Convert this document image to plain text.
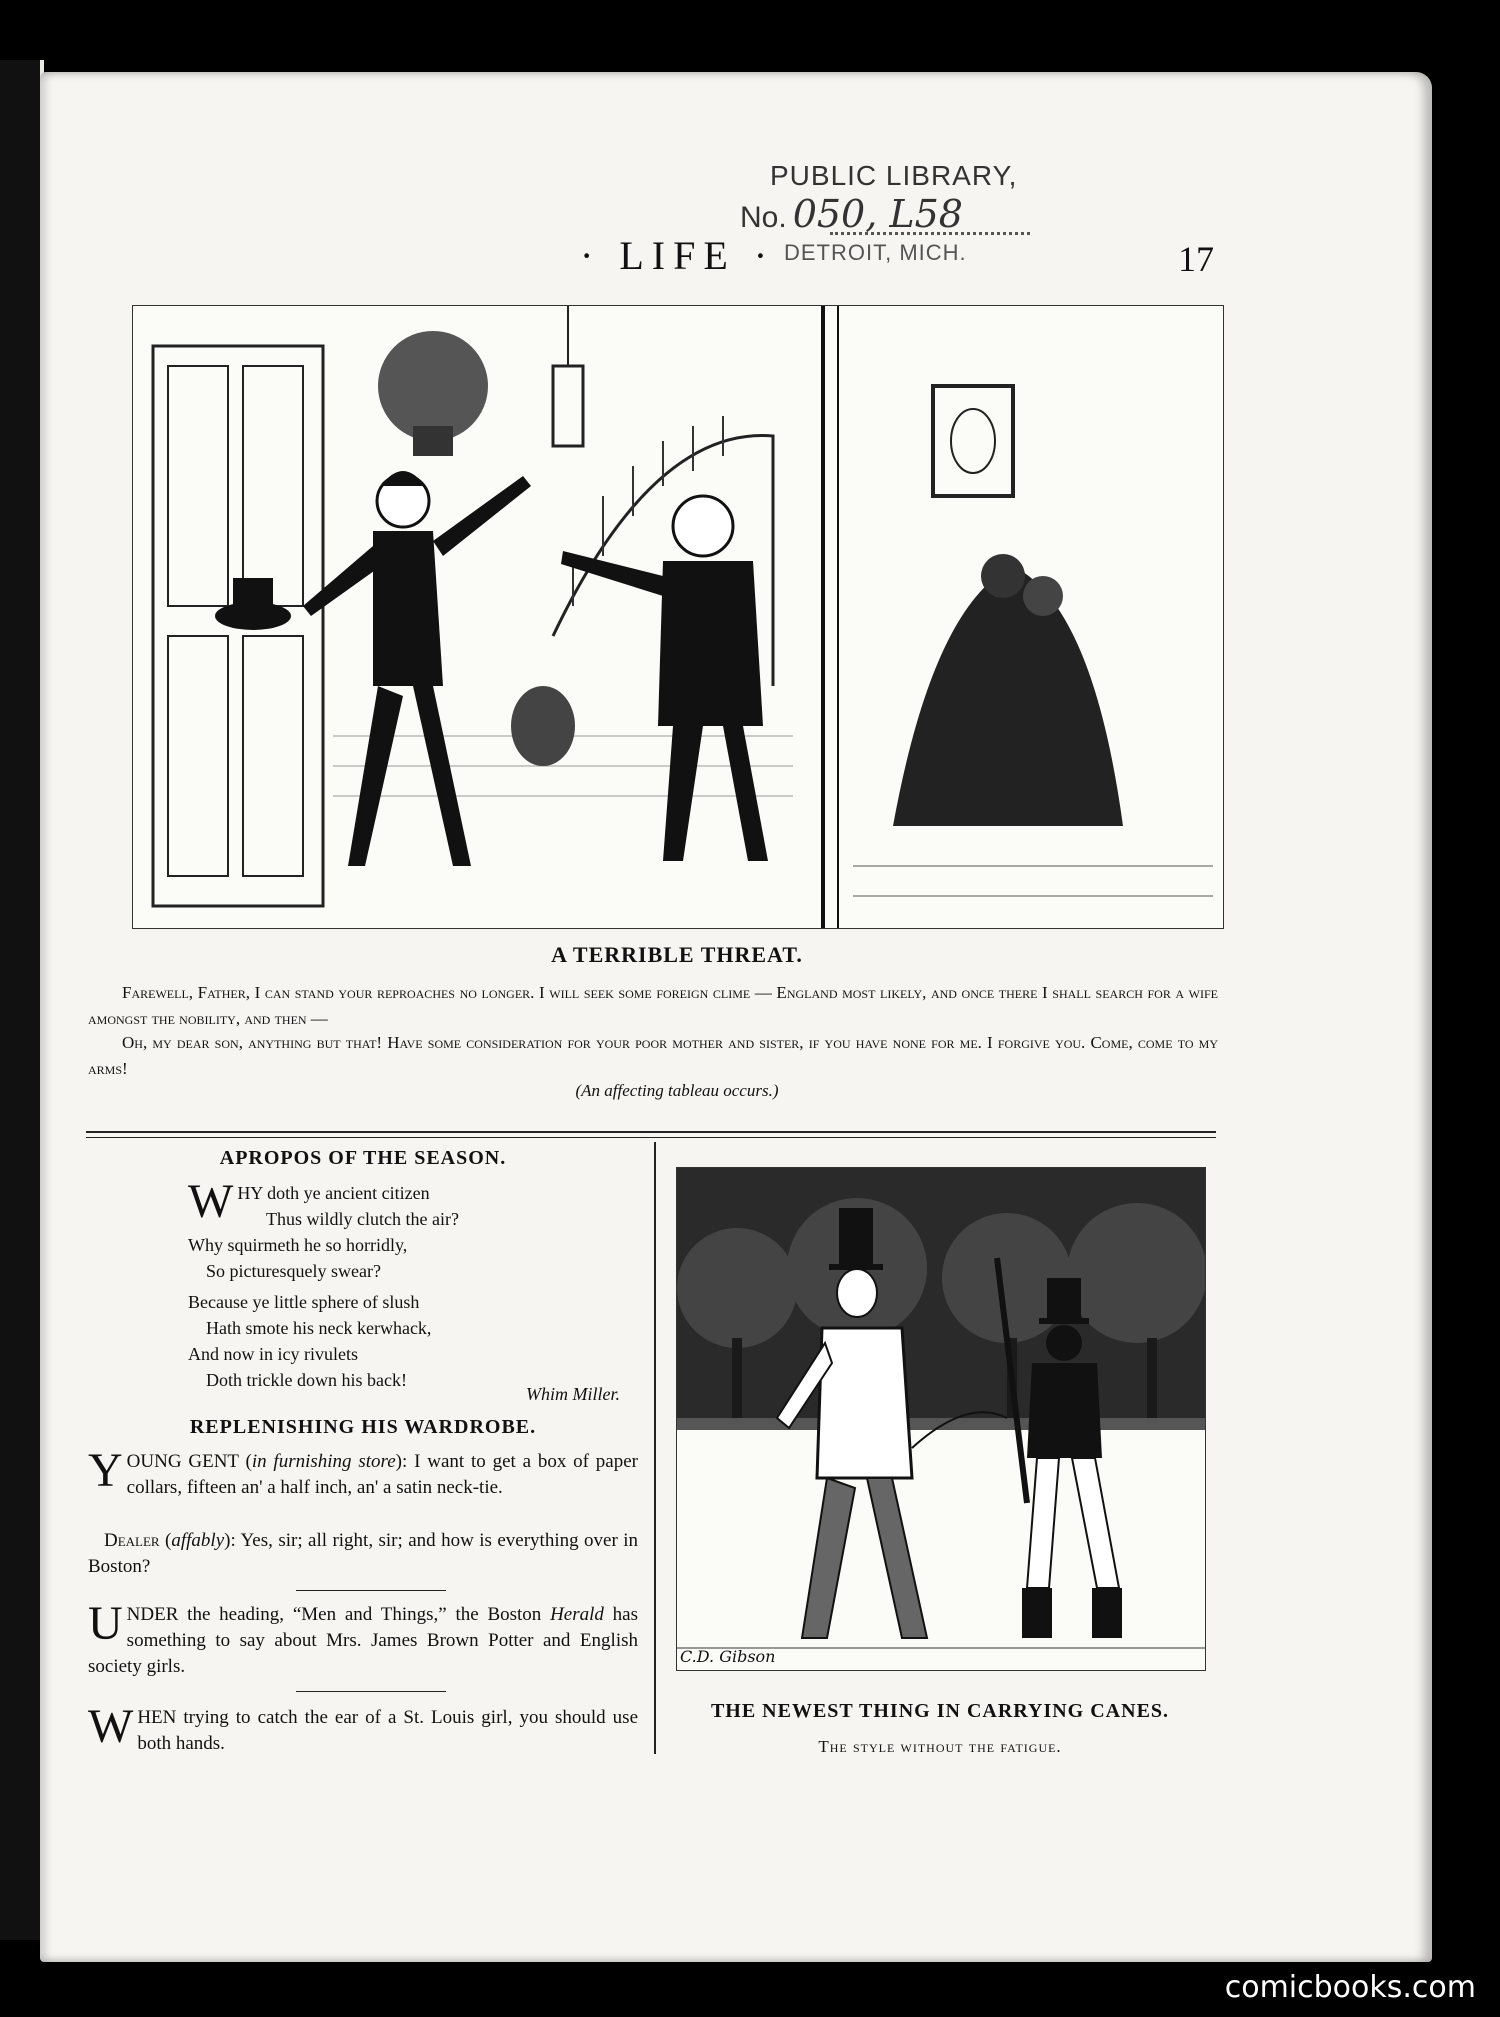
PUBLIC LIBRARY,
No. 050, L58
DETROIT, MICH.
· LIFE ·	17
A TERRIBLE THREAT.
Farewell, Father, I can stand your reproaches no longer. I will seek some foreign clime — England most likely, and once there I shall search for a wife amongst the nobility, and then —
Oh, my dear son, anything but that! Have some consideration for your poor mother and sister, if you have none for me. I forgive you. Come, come to my arms!
(An affecting tableau occurs.)
APROPOS OF THE SEASON.
WHY doth ye ancient citizen
Thus wildly clutch the air?
Why squirmeth he so horridly,
So picturesquely swear?
Because ye little sphere of slush
Hath smote his neck kerwhack,
And now in icy rivulets
Doth trickle down his back!
Whim Miller.
REPLENISHING HIS WARDROBE.
YOUNG GENT (in furnishing store): I want to get a box of paper collars, fifteen an' a half inch, an' a satin neck-tie.
Dealer (affably): Yes, sir; all right, sir; and how is everything over in Boston?
UNDER the heading, “Men and Things,” the Boston Herald has something to say about Mrs. James Brown Potter and English society girls.
WHEN trying to catch the ear of a St. Louis girl, you should use both hands.
C.D. Gibson
THE NEWEST THING IN CARRYING CANES.
The style without the fatigue.
comicbooks.com
